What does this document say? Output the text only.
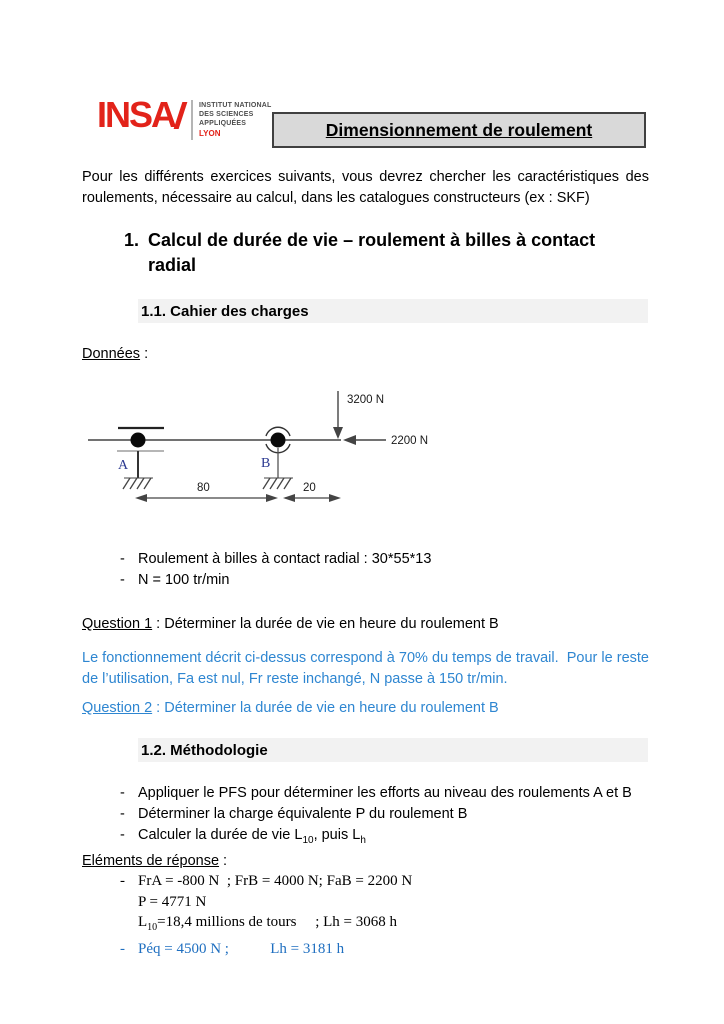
INSA	INSTITUT NATIONAL
DES SCIENCES
APPLIQUÉES
LYON	Dimensionnement de roulement
Pour les différents exercices suivants, vous devrez chercher les caractéristiques des roulements, nécessaire au calcul, dans les catalogues constructeurs (ex : SKF)
1. Calcul de durée de vie – roulement à billes à contact radial
1.1. Cahier des charges
Données :
3200 N
2200 N
A	B
80	20
- Roulement à billes à contact radial : 30*55*13
- N = 100 tr/min
Question 1 : Déterminer la durée de vie en heure du roulement B
Le fonctionnement décrit ci-dessus correspond à 70% du temps de travail.  Pour le reste de l’utilisation, Fa est nul, Fr reste inchangé, N passe à 150 tr/min.
Question 2 : Déterminer la durée de vie en heure du roulement B
1.2. Méthodologie
- Appliquer le PFS pour déterminer les efforts au niveau des roulements A et B
- Déterminer la charge équivalente P du roulement B
- Calculer la durée de vie $L_{10}$, puis $L_h$
Eléments de réponse :
- FrA = -800 N  ; FrB = 4000 N; FaB = 2200 N
P = 4771 N
$L_{10}=18,4$ millions de tours     ; Lh = 3068 h
- Péq = 4500 N ;           Lh = 3181 h
